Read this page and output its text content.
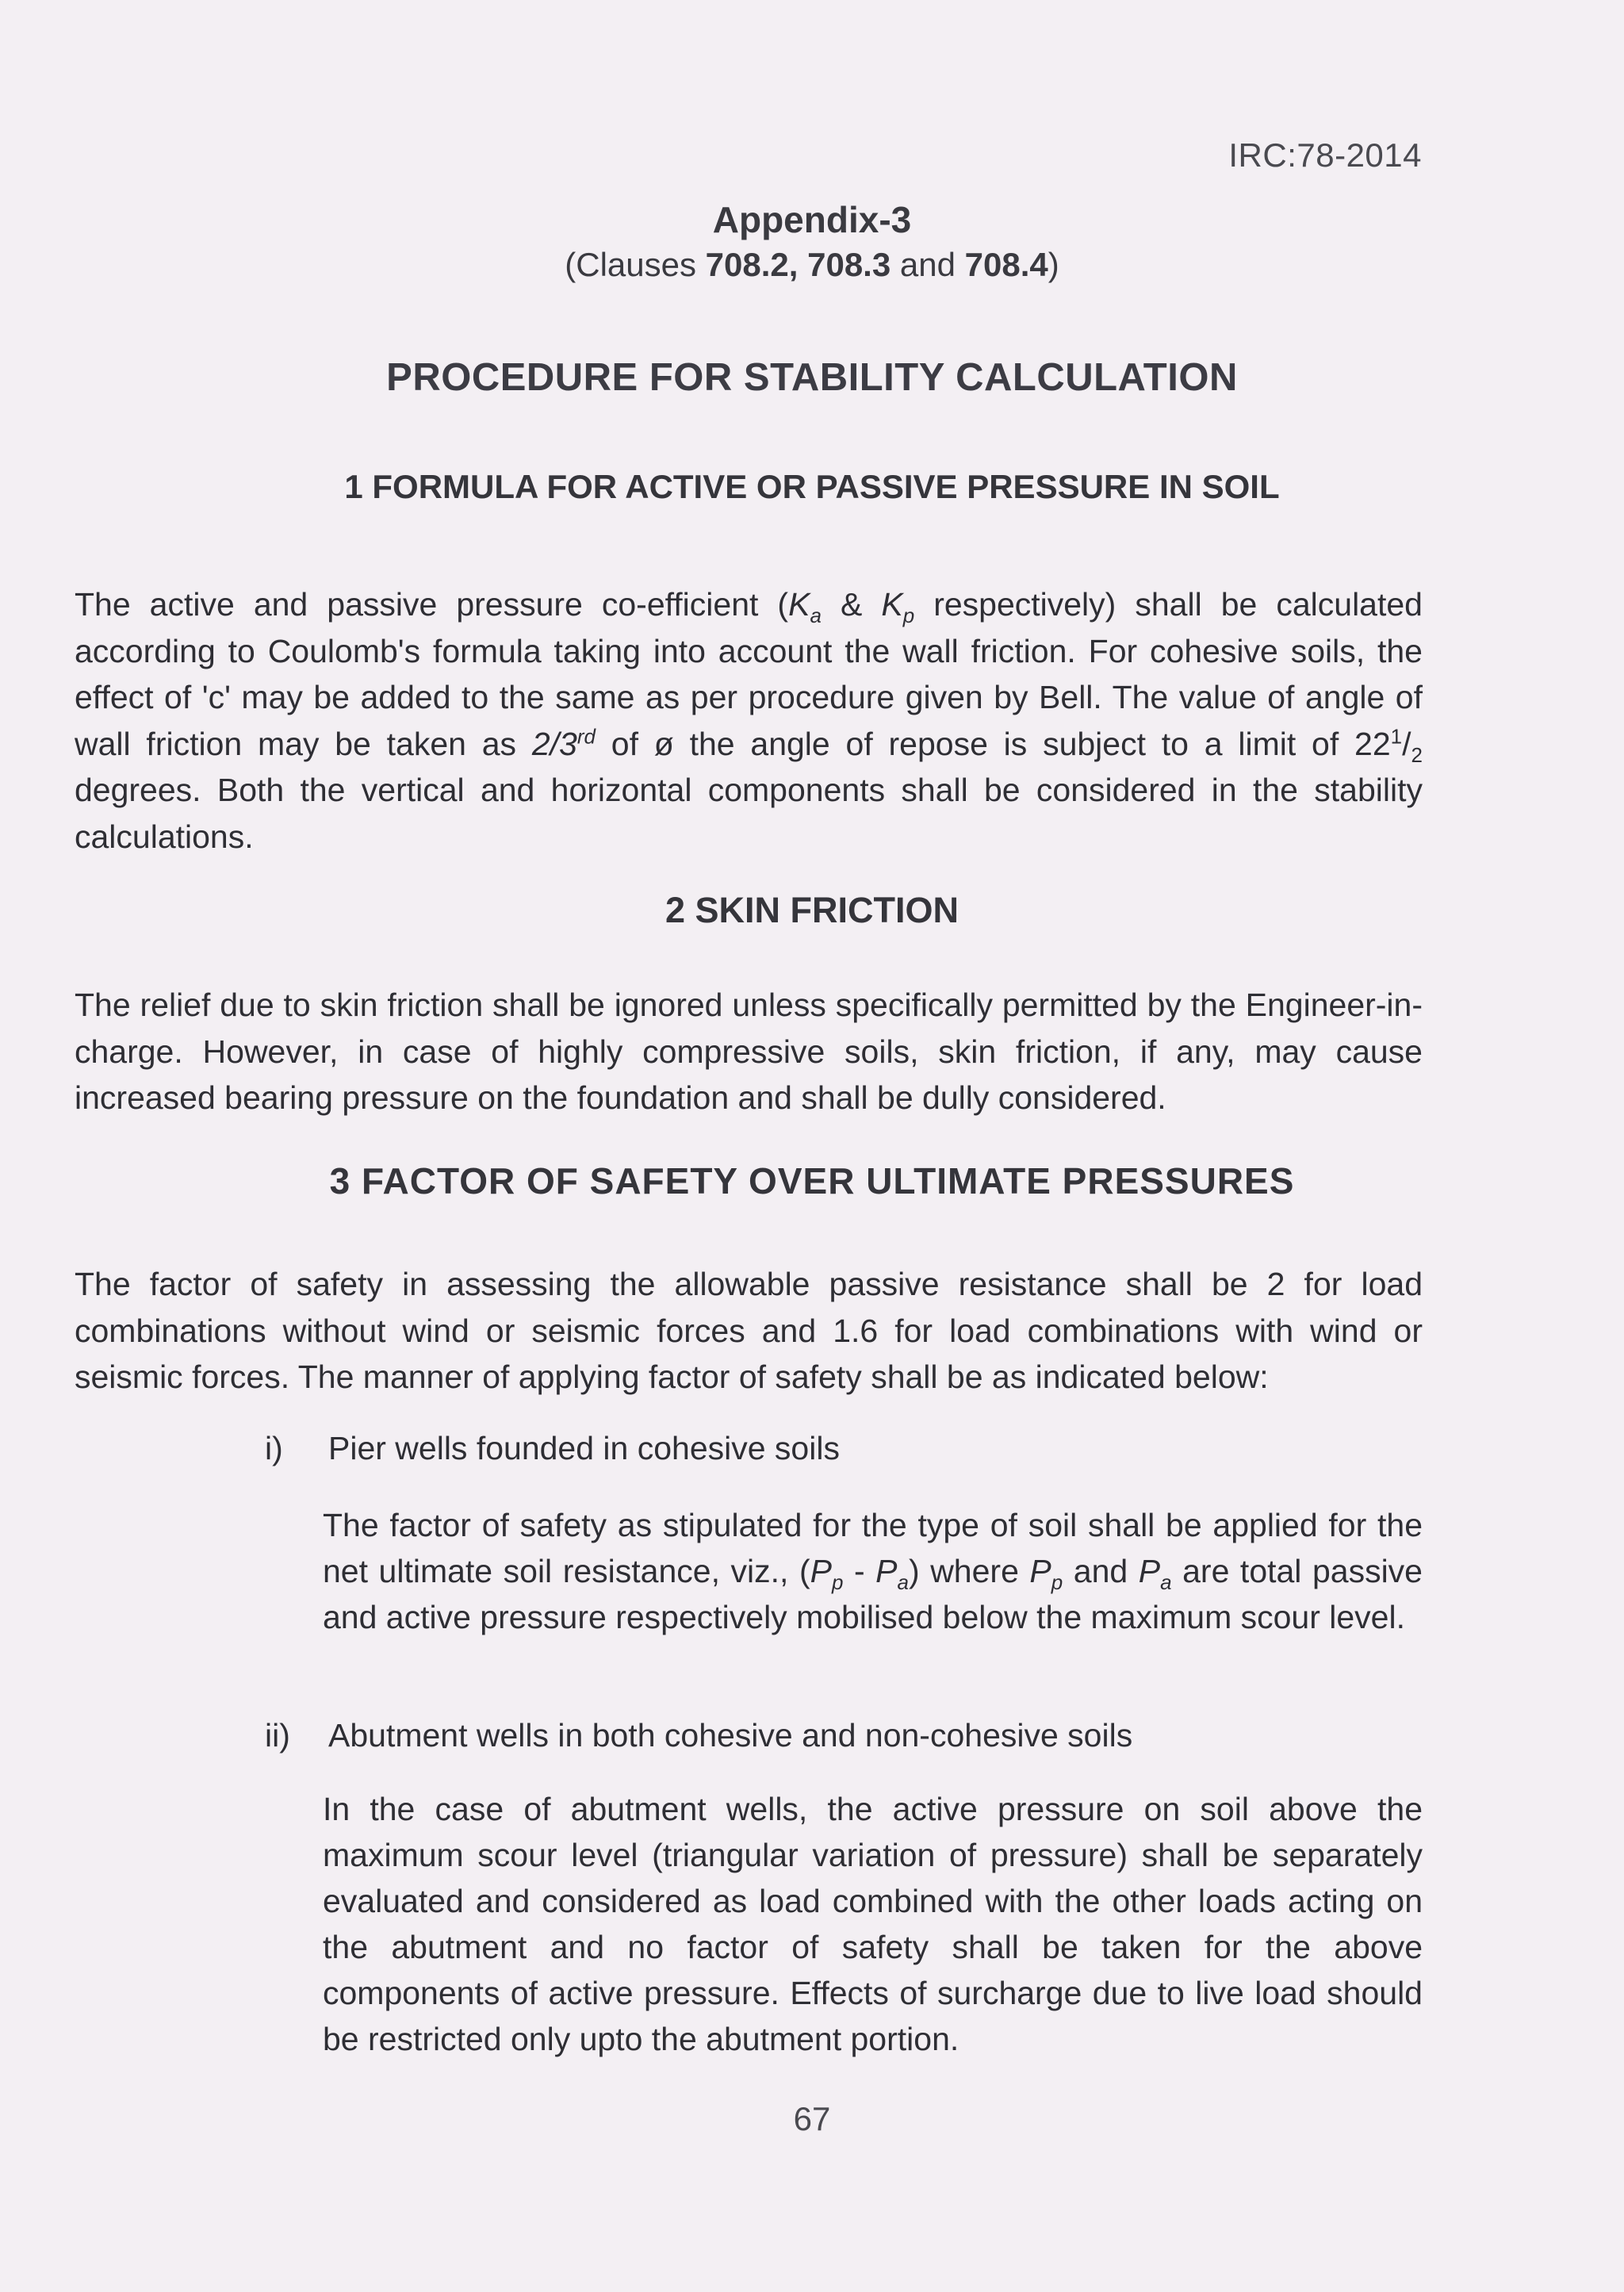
IRC:78-2014
Appendix-3
(Clauses 708.2, 708.3 and 708.4)
PROCEDURE FOR STABILITY CALCULATION
1 FORMULA FOR ACTIVE OR PASSIVE PRESSURE IN SOIL
The active and passive pressure co-efficient ($K_a$ & $K_p$ respectively) shall be calculated according to Coulomb's formula taking into account the wall friction. For cohesive soils, the effect of 'c' may be added to the same as per procedure given by Bell. The value of angle of wall friction may be taken as 2/3rd of ø the angle of repose is subject to a limit of $22^1/_2$ degrees. Both the vertical and horizontal components shall be considered in the stability calculations.
2 SKIN FRICTION
The relief due to skin friction shall be ignored unless specifically permitted by the Engineer-in-charge. However, in case of highly compressive soils, skin friction, if any, may cause increased bearing pressure on the foundation and shall be dully considered.
3 FACTOR OF SAFETY OVER ULTIMATE PRESSURES
The factor of safety in assessing the allowable passive resistance shall be 2 for load combinations without wind or seismic forces and 1.6 for load combinations with wind or seismic forces. The manner of applying factor of safety shall be as indicated below:
i) Pier wells founded in cohesive soils
The factor of safety as stipulated for the type of soil shall be applied for the net ultimate soil resistance, viz., $(P_p - P_a)$ where $P_p$ and $P_a$ are total passive and active pressure respectively mobilised below the maximum scour level.
ii) Abutment wells in both cohesive and non-cohesive soils
In the case of abutment wells, the active pressure on soil above the maximum scour level (triangular variation of pressure) shall be separately evaluated and considered as load combined with the other loads acting on the abutment and no factor of safety shall be taken for the above components of active pressure. Effects of surcharge due to live load should be restricted only upto the abutment portion.
67
